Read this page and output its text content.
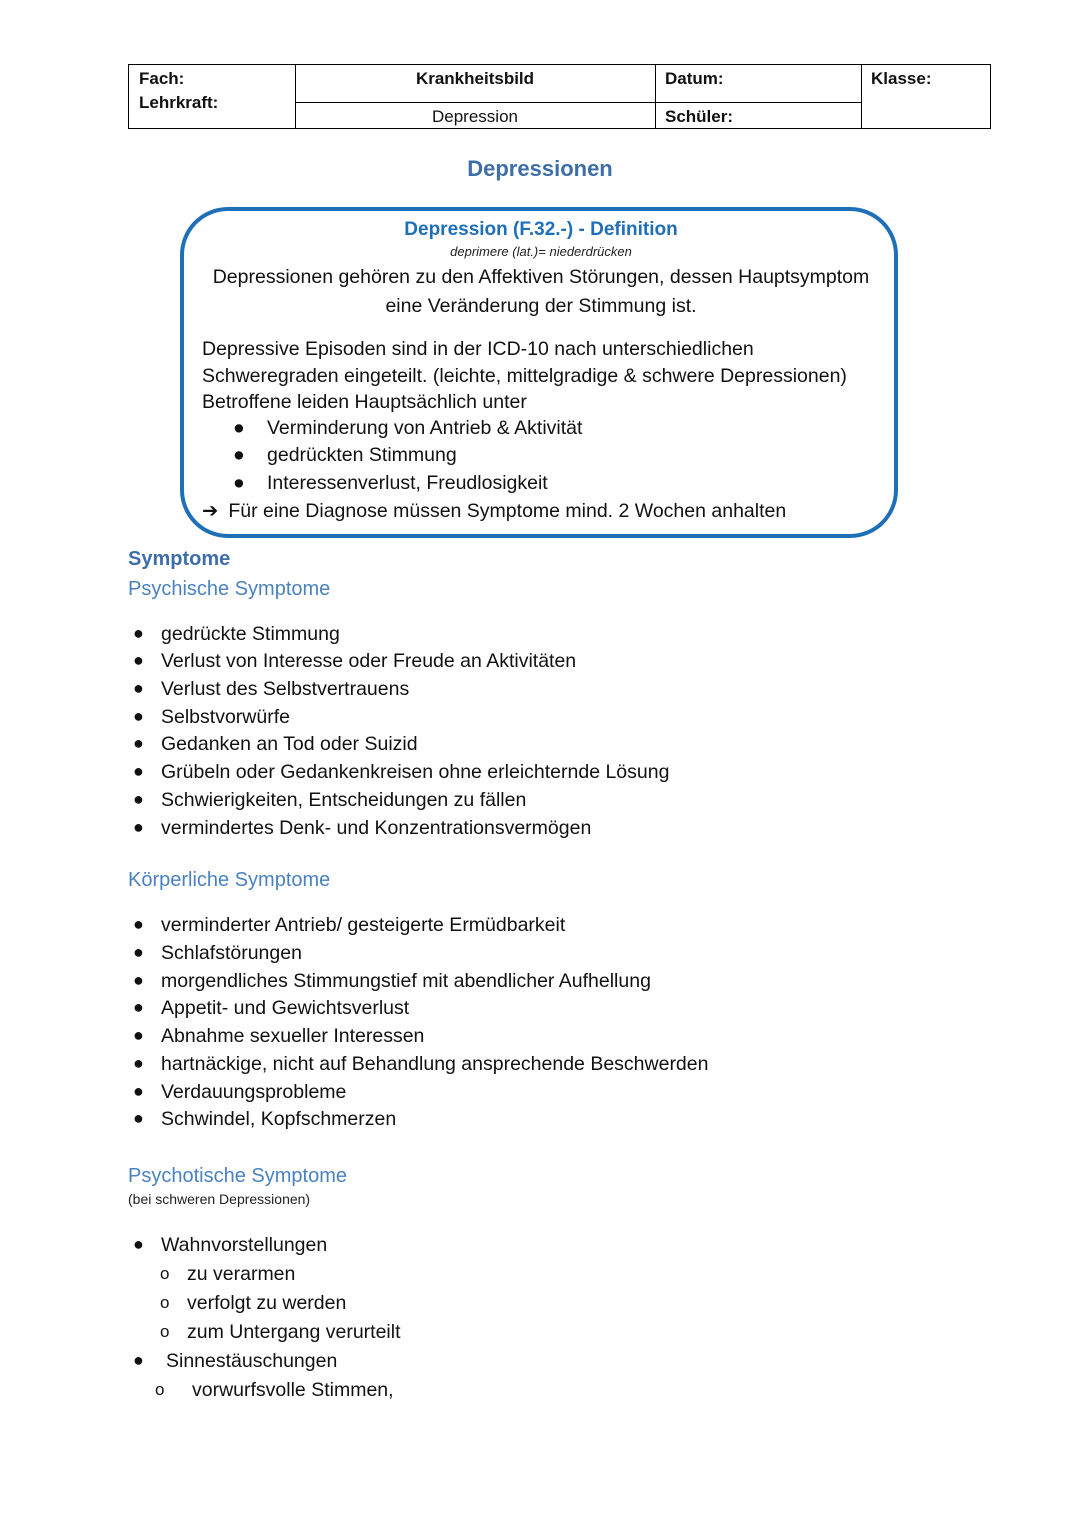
Fach:
Lehrkraft:
Krankheitsbild
Depression
Datum:
Schüler:
Klasse:
Depressionen
Depression (F.32.-) - Definition
deprimere (lat.)= niederdrücken
Depressionen gehören zu den Affektiven Störungen, dessen Hauptsymptom
eine Veränderung der Stimmung ist.
Depressive Episoden sind in der ICD-10 nach unterschiedlichen
Schweregraden eingeteilt. (leichte, mittelgradige & schwere Depressionen)
Betroffene leiden Hauptsächlich unter
● Verminderung von Antrieb & Aktivität
● gedrückten Stimmung
● Interessenverlust, Freudlosigkeit
➔ Für eine Diagnose müssen Symptome mind. 2 Wochen anhalten
Symptome
Psychische Symptome
● gedrückte Stimmung
● Verlust von Interesse oder Freude an Aktivitäten
● Verlust des Selbstvertrauens
● Selbstvorwürfe
● Gedanken an Tod oder Suizid
● Grübeln oder Gedankenkreisen ohne erleichternde Lösung
● Schwierigkeiten, Entscheidungen zu fällen
● vermindertes Denk- und Konzentrationsvermögen
Körperliche Symptome
● verminderter Antrieb/ gesteigerte Ermüdbarkeit
● Schlafstörungen
● morgendliches Stimmungstief mit abendlicher Aufhellung
● Appetit- und Gewichtsverlust
● Abnahme sexueller Interessen
● hartnäckige, nicht auf Behandlung ansprechende Beschwerden
● Verdauungsprobleme
● Schwindel, Kopfschmerzen
Psychotische Symptome
(bei schweren Depressionen)
● Wahnvorstellungen
o zu verarmen
o verfolgt zu werden
o zum Untergang verurteilt
● Sinnestäuschungen
o vorwurfsvolle Stimmen,
